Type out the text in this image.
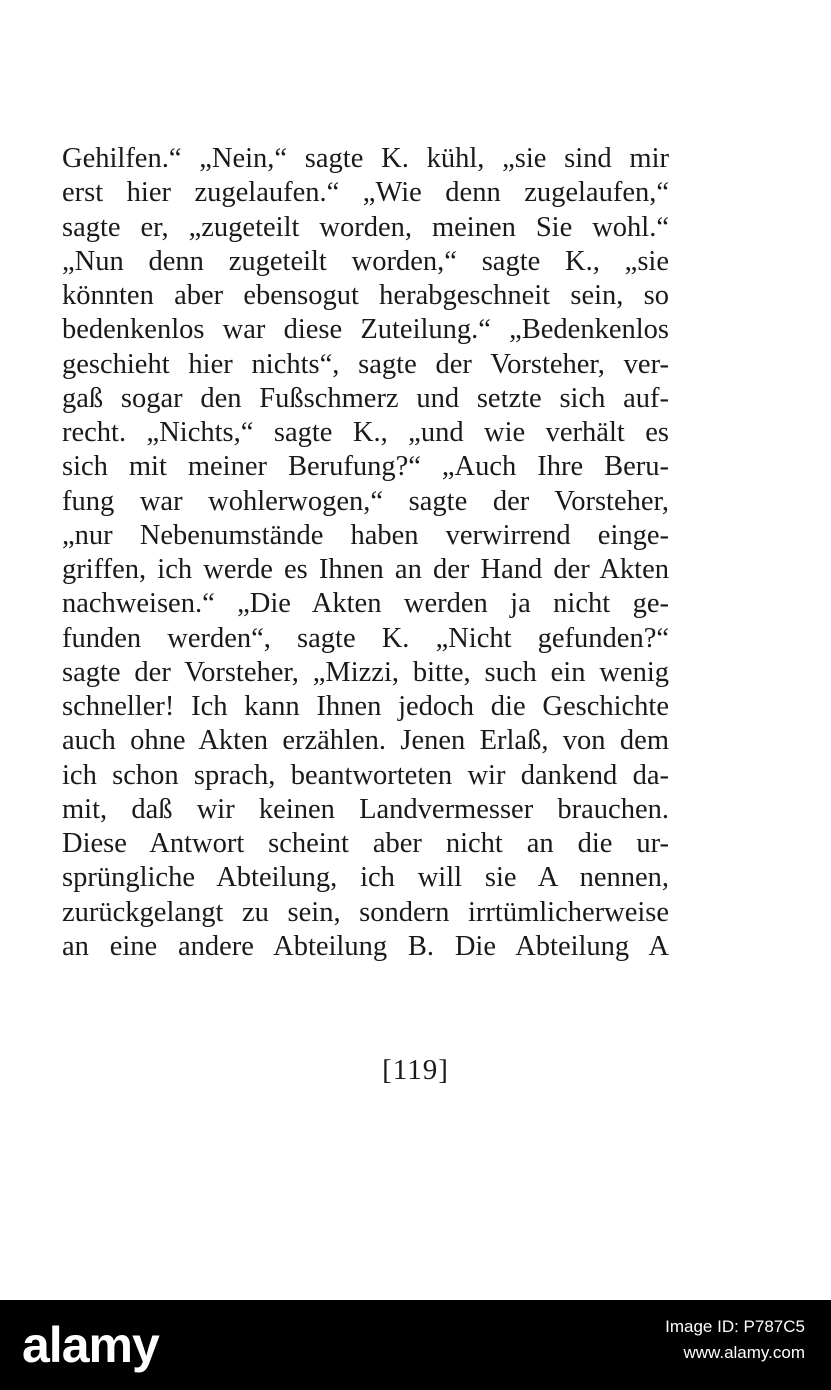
Gehilfen.“ „Nein,“ sagte K. kühl, „sie sind mir
erst hier zugelaufen.“ „Wie denn zugelaufen,“
sagte er, „zugeteilt worden, meinen Sie wohl.“
„Nun denn zugeteilt worden,“ sagte K., „sie
könnten aber ebensogut herabgeschneit sein, so
bedenkenlos war diese Zuteilung.“ „Bedenkenlos
geschieht hier nichts“, sagte der Vorsteher, ver-
gaß sogar den Fußschmerz und setzte sich auf-
recht. „Nichts,“ sagte K., „und wie verhält es
sich mit meiner Berufung?“ „Auch Ihre Beru-
fung war wohlerwogen,“ sagte der Vorsteher,
„nur Nebenumstände haben verwirrend einge-
griffen, ich werde es Ihnen an der Hand der Akten
nachweisen.“ „Die Akten werden ja nicht ge-
funden werden“, sagte K. „Nicht gefunden?“
sagte der Vorsteher, „Mizzi, bitte, such ein wenig
schneller! Ich kann Ihnen jedoch die Geschichte
auch ohne Akten erzählen. Jenen Erlaß, von dem
ich schon sprach, beantworteten wir dankend da-
mit, daß wir keinen Landvermesser brauchen.
Diese Antwort scheint aber nicht an die ur-
sprüngliche Abteilung, ich will sie A nennen,
zurückgelangt zu sein, sondern irrtümlicherweise
an eine andere Abteilung B. Die Abteilung A
[119]
alamy	Image ID: P787C5
www.alamy.com
